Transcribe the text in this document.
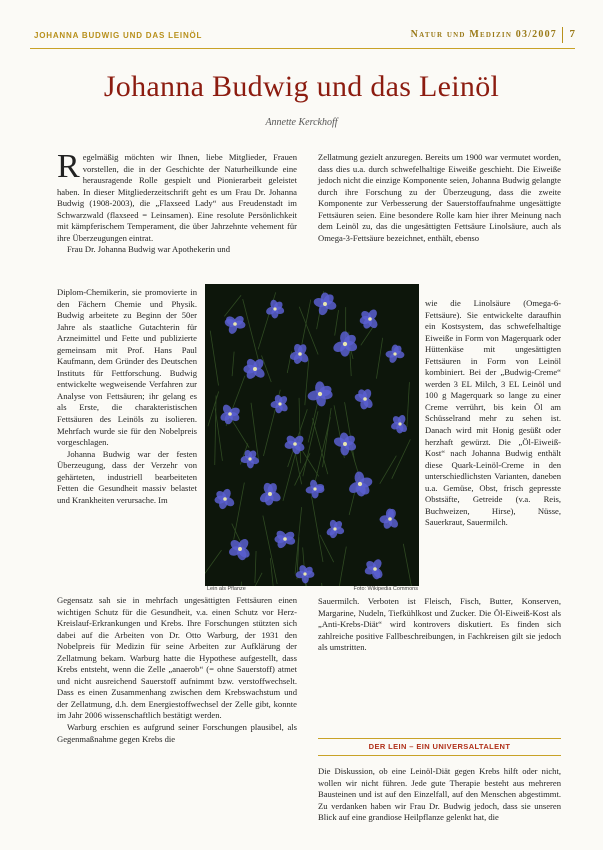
JOHANNA BUDWIG UND DAS LEINÖL	Natur und Medizin 03/2007 7
Johanna Budwig und das Leinöl
Annette Kerckhoff

Regelmäßig möchten wir Ihnen, liebe Mitglieder, Frauen vorstellen, die in der Geschichte der Naturheilkunde eine herausragende Rolle gespielt und Pionierarbeit geleistet haben. In dieser Mitgliederzeitschrift geht es um Frau Dr. Johanna Budwig (1908-2003), die „Flaxseed Lady“ aus Freudenstadt im Schwarzwald (flaxseed = Leinsamen). Eine resolute Persönlichkeit mit kämpferischem Temperament, die über Jahrzehnte vehement für ihre Überzeugungen eintrat.

Frau Dr. Johanna Budwig war Apothekerin und

Diplom-Chemikerin, sie promovierte in den Fächern Chemie und Physik. Budwig arbeitete zu Beginn der 50er Jahre als staatliche Gutachterin für Arzneimittel und Fette und publizierte gemeinsam mit Prof. Hans Paul Kaufmann, dem Gründer des Deutschen Instituts für Fettforschung. Budwig entwickelte wegweisende Verfahren zur Analyse von Fettsäuren; ihr gelang es als Erste, die charakteristischen Fettsäuren des Leinöls zu isolieren. Mehrfach wurde sie für den Nobelpreis vorgeschlagen.

Johanna Budwig war der festen Überzeugung, dass der Verzehr von gehärteten, industriell bearbeiteten Fetten die Gesundheit massiv belastet und Krankheiten verursache. Im

Gegensatz sah sie in mehrfach ungesättigten Fettsäuren einen wichtigen Schutz für die Gesundheit, v.a. einen Schutz vor Herz-Kreislauf-Erkrankungen und Krebs. Ihre Forschungen stützten sich dabei auf die Arbeiten von Dr. Otto Warburg, der 1931 den Nobelpreis für Medizin für seine Arbeiten zur Aufklärung der Zellatmung bekam. Warburg hatte die Hypothese aufgestellt, dass Krebs entsteht, wenn die Zelle „anaerob“ (= ohne Sauerstoff) atmet und nicht ausreichend Sauerstoff aufnimmt bzw. verstoffwechselt. Dass es einen Zusammenhang zwischen dem Krebswachstum und der Zellatmung, d.h. dem Energiestoffwechsel der Zelle gibt, konnte im Jahr 2006 wissenschaftlich bestätigt werden.

Warburg erschien es aufgrund seiner Forschungen plausibel, als Gegenmaßnahme gegen Krebs die

Zellatmung gezielt anzuregen. Bereits um 1900 war vermutet worden, dass dies u.a. durch schwefelhaltige Eiweiße geschieht. Die Eiweiße jedoch nicht die einzige Komponente seien, Johanna Budwig gelangte durch ihre Forschung zu der Überzeugung, dass die zweite Komponente zur Verbesserung der Sauerstoffaufnahme ungesättigte Fettsäuren seien. Eine besondere Rolle kam hier ihrer Meinung nach dem Leinöl zu, das die ungesättigten Fettsäure Linolsäure, auch als Omega-3-Fettsäure bezeichnet, enthält, ebenso

wie die Linolsäure (Omega-6-Fettsäure). Sie entwickelte daraufhin ein Kostsystem, das schwefelhaltige Eiweiße in Form von Magerquark oder Hüttenkäse mit ungesättigten Fettsäuren in Form von Leinöl kombiniert. Bei der „Budwig-Creme“ werden 3 EL Milch, 3 EL Leinöl und 100 g Magerquark so lange zu einer Creme verrührt, bis kein Öl am Schüsselrand mehr zu sehen ist. Danach wird mit Honig gesüßt oder herzhaft gewürzt. Die „Öl-Eiweiß-Kost“ nach Johanna Budwig enthält diese Quark-Leinöl-Creme in den unterschiedlichsten Varianten, daneben u.a. Gemüse, Obst, frisch gepresste Obstsäfte, Getreide (v.a. Reis, Buchweizen, Hirse), Nüsse, Sauerkraut, Sauermilch.

Sauermilch. Verboten ist Fleisch, Fisch, Butter, Konserven, Margarine, Nudeln, Tiefkühlkost und Zucker. Die Öl-Eiweiß-Kost als „Anti-Krebs-Diät“ wird kontrovers diskutiert. Es finden sich zahlreiche positive Fallbeschreibungen, in Fachkreisen gilt sie jedoch als umstritten.

DER LEIN – EIN UNIVERSALTALENT

Die Diskussion, ob eine Leinöl-Diät gegen Krebs hilft oder nicht, wollen wir nicht führen. Jede gute Therapie besteht aus mehreren Bausteinen und ist auf den Einzelfall, auf den Menschen abgestimmt. Zu verdanken haben wir Frau Dr. Budwig jedoch, dass sie unseren Blick auf eine grandiose Heilpflanze gelenkt hat, die

Lein als Pflanze	Foto: Wikipedia Commons
